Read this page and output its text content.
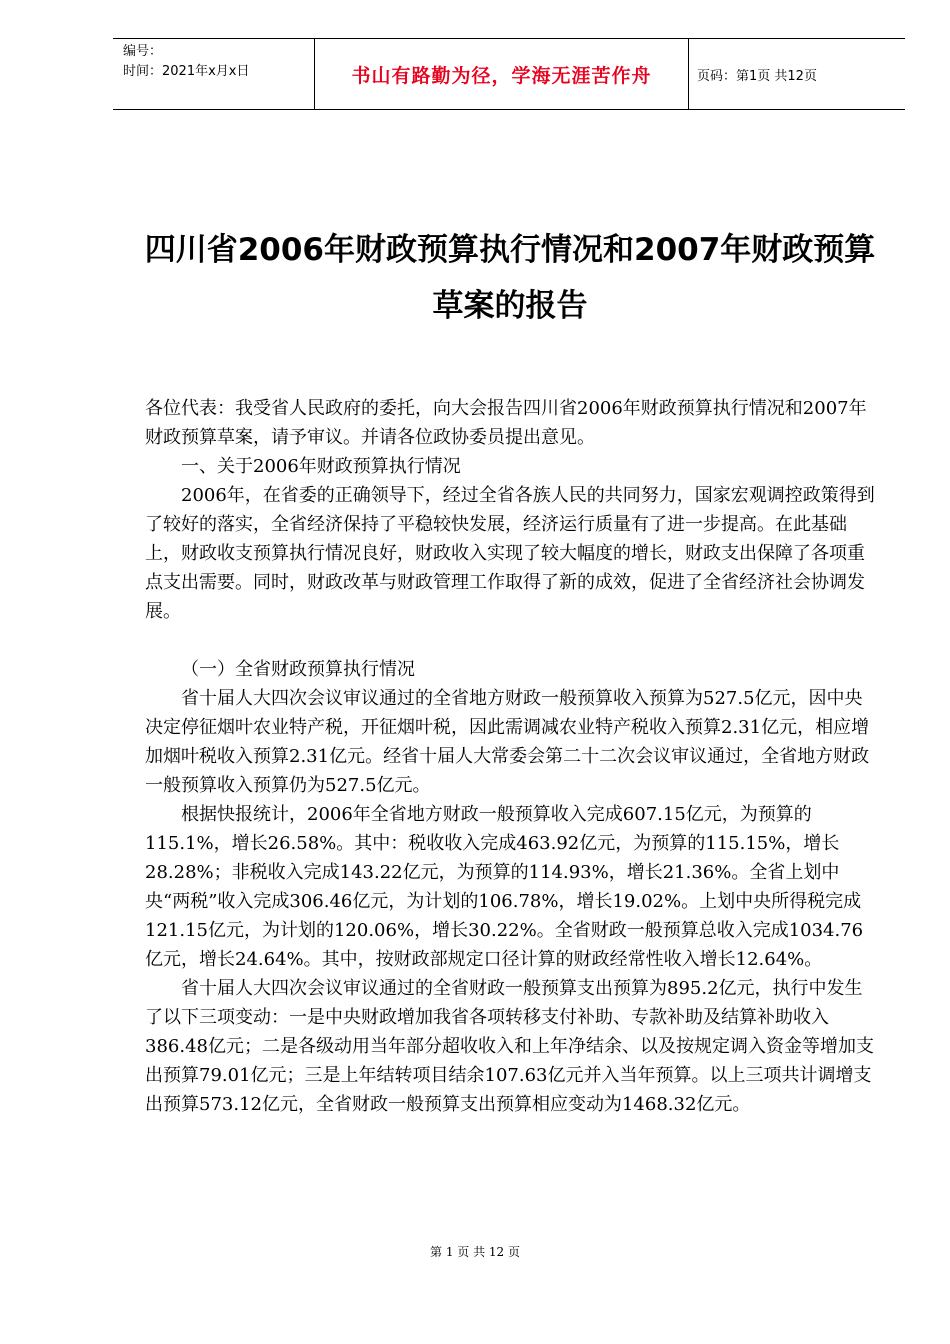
编号：
时间：2021年x月x日	书山有路勤为径，学海无涯苦作舟	页码：第1页 共12页
四川省2006年财政预算执行情况和2007年财政预算
草案的报告

各位代表：我受省人民政府的委托，向大会报告四川省2006年财政预算执行情况和2007年财政预算草案，请予审议。并请各位政协委员提出意见。

一、关于2006年财政预算执行情况

2006年，在省委的正确领导下，经过全省各族人民的共同努力，国家宏观调控政策得到了较好的落实，全省经济保持了平稳较快发展，经济运行质量有了进一步提高。在此基础上，财政收支预算执行情况良好，财政收入实现了较大幅度的增长，财政支出保障了各项重点支出需要。同时，财政改革与财政管理工作取得了新的成效，促进了全省经济社会协调发展。

（一）全省财政预算执行情况

省十届人大四次会议审议通过的全省地方财政一般预算收入预算为527.5亿元，因中央决定停征烟叶农业特产税，开征烟叶税，因此需调减农业特产税收入预算2.31亿元，相应增加烟叶税收入预算2.31亿元。经省十届人大常委会第二十二次会议审议通过，全省地方财政一般预算收入预算仍为527.5亿元。

根据快报统计，2006年全省地方财政一般预算收入完成607.15亿元，为预算的115.1%，增长26.58%。其中：税收收入完成463.92亿元，为预算的115.15%，增长28.28%；非税收入完成143.22亿元，为预算的114.93%，增长21.36%。全省上划中央“两税”收入完成306.46亿元，为计划的106.78%，增长19.02%。上划中央所得税完成121.15亿元，为计划的120.06%，增长30.22%。全省财政一般预算总收入完成1034.76亿元，增长24.64%。其中，按财政部规定口径计算的财政经常性收入增长12.64%。

省十届人大四次会议审议通过的全省财政一般预算支出预算为895.2亿元，执行中发生了以下三项变动：一是中央财政增加我省各项转移支付补助、专款补助及结算补助收入386.48亿元；二是各级动用当年部分超收收入和上年净结余、以及按规定调入资金等增加支出预算79.01亿元；三是上年结转项目结余107.63亿元并入当年预算。以上三项共计调增支出预算573.12亿元，全省财政一般预算支出预算相应变动为1468.32亿元。

第 1 页 共 12 页
